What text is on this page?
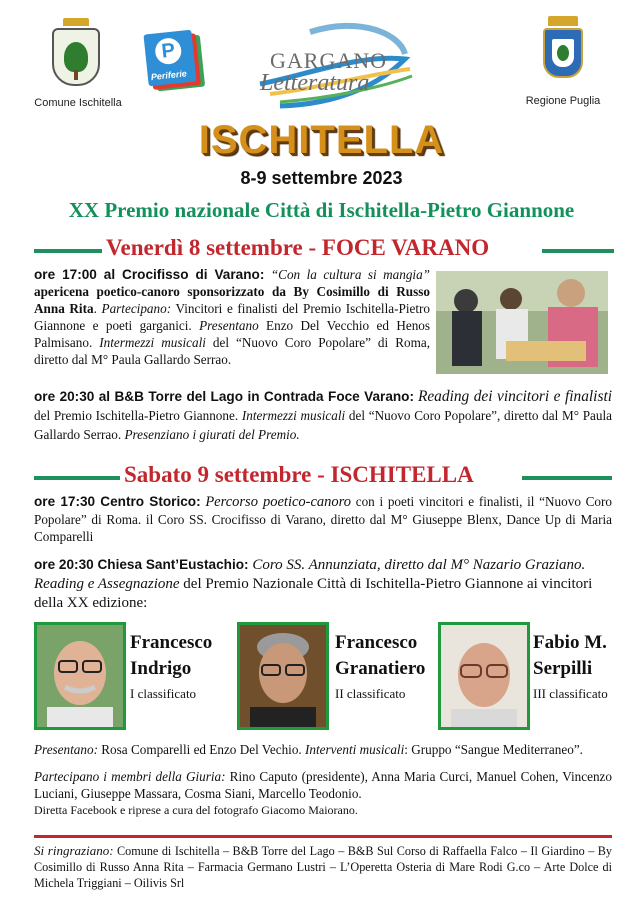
Comune Ischitella
P
Periferie
GARGANO
Letteratura
Regione Puglia
ISCHITELLA
8-9 settembre 2023
XX Premio nazionale Città di Ischitella-Pietro Giannone
Venerdì 8 settembre - FOCE VARANO
ore 17:00 al Crocifisso di Varano: “Con la cultura si mangia” apericena poetico-canoro sponsorizzato da By Cosimillo di Russo Anna Rita. Partecipano: Vincitori e finalisti del Premio Ischitella-Pietro Giannone e poeti garganici. Presentano Enzo Del Vecchio ed Henos Palmisano. Intermezzi musicali del “Nuovo Coro Popolare” di Roma, diretto dal M° Paula Gallardo Serrao.
ore 20:30 al B&B Torre del Lago in Contrada Foce Varano: Reading dei vincitori e finalisti del Premio Ischitella-Pietro Giannone. Intermezzi musicali del “Nuovo Coro Popolare”, diretto dal M° Paula Gallardo Serrao. Presenziano i giurati del Premio.
Sabato 9 settembre - ISCHITELLA
ore 17:30 Centro Storico: Percorso poetico-canoro con i poeti vincitori e finalisti, il “Nuovo Coro Popolare” di Roma. il Coro SS. Crocifisso di Varano, diretto dal M° Giuseppe Blenx, Dance Up di Maria Comparelli
ore 20:30 Chiesa Sant’Eustachio: Coro SS. Annunziata, diretto dal M° Nazario Graziano. Reading e Assegnazione del Premio Nazionale Città di Ischitella-Pietro Giannone ai vincitori della XX edizione:
Francesco
Indrigo
I classificato
Francesco
Granatiero
II classificato
Fabio M.
Serpilli
III classificato
Presentano: Rosa Comparelli ed Enzo Del Vechio. Interventi musicali: Gruppo “Sangue Mediterraneo”.
Partecipano i membri della Giuria: Rino Caputo (presidente), Anna Maria Curci, Manuel Cohen, Vincenzo Luciani, Giuseppe Massara, Cosma Siani, Marcello Teodonio.
Diretta Facebook e riprese a cura del fotografo Giacomo Maiorano.
Si ringraziano: Comune di Ischitella – B&B Torre del Lago – B&B Sul Corso di Raffaella Falco – Il Giardino – By Cosimillo di Russo Anna Rita – Farmacia Germano Lustri – L’Operetta Osteria di Mare Rodi G.co – Arte Dolce di Michela Triggiani – Oilivis Srl
